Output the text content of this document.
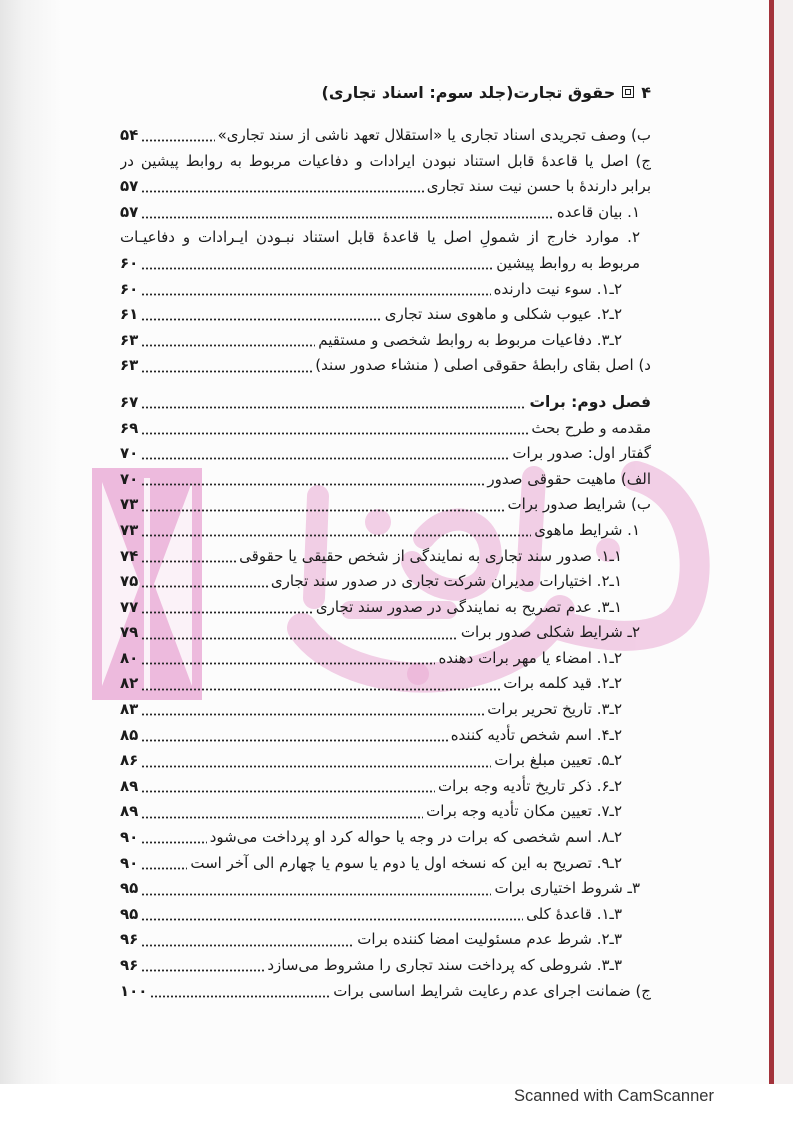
۴
حقوق تجارت(جلد سوم: اسناد تجاری)
ب) وصف تجریدی اسناد تجاری یا «استقلال تعهد ناشی از سند تجاری»
۵۴
ج) اصل یا قاعدهٔ قابل استناد نبودن ایرادات و دفاعیات مربوط به روابط پیشین در
برابر دارندهٔ با حسن نیت سند تجاری
۵۷
۱. بیان قاعده
۵۷
۲. موارد خارج از شمولِ اصل یا قاعدهٔ قابل استناد نبـودن ایـرادات و دفاعیـات
مربوط به روابط پیشین
۶۰
۲ـ۱. سوء نیت دارنده
۶۰
۲ـ۲. عیوب شکلی و ماهوی سند تجاری
۶۱
۲ـ۳. دفاعیات مربوط به روابط شخصی و مستقیم
۶۳
د) اصل بقای رابطهٔ حقوقی اصلی ( منشاء صدور سند)
۶۳
فصل دوم: برات
۶۷
مقدمه و طرح بحث
۶۹
گفتار اول: صدور برات
۷۰
الف) ماهیت حقوقی صدور
۷۰
ب) شرایط صدور برات
۷۳
۱. شرایط ماهوی
۷۳
۱ـ۱. صدور سند تجاری به نمایندگی از شخص حقیقی یا حقوقی
۷۴
۱ـ۲. اختیارات مدیران شرکت تجاری در صدور سند تجاری
۷۵
۱ـ۳. عدم تصریح به نمایندگی در صدور سند تجاری
۷۷
۲ـ شرایط شکلی صدور برات
۷۹
۲ـ۱. امضاء یا مهر برات دهنده
۸۰
۲ـ۲. قید کلمه برات
۸۲
۲ـ۳. تاریخ تحریر برات
۸۳
۲ـ۴. اسم شخص تأدیه کننده
۸۵
۲ـ۵. تعیین مبلغ برات
۸۶
۲ـ۶. ذکر تاریخ تأدیه وجه برات
۸۹
۲ـ۷. تعیین مکان تأدیه وجه برات
۸۹
۲ـ۸. اسم شخصی که برات در وجه یا حواله کرد او پرداخت می‌شود
۹۰
۲ـ۹. تصریح به این که نسخه اول یا دوم یا سوم یا چهارم الی آخر است
۹۰
۳ـ شروط اختیاری برات
۹۵
۳ـ۱. قاعدهٔ کلی
۹۵
۳ـ۲. شرط عدم مسئولیت امضا کننده برات
۹۶
۳ـ۳. شروطی که پرداخت سند تجاری را مشروط می‌سازد
۹۶
ج) ضمانت اجرای عدم رعایت شرایط اساسی برات
۱۰۰
Scanned with CamScanner
